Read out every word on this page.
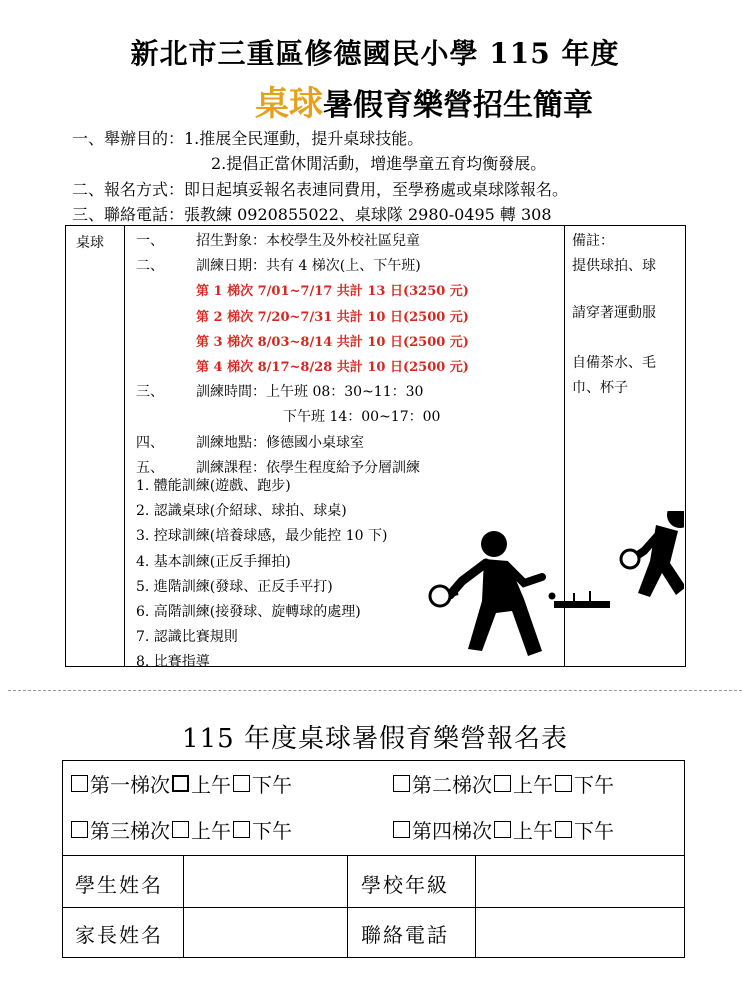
新北市三重區修德國民小學 115 年度
桌球暑假育樂營招生簡章
一、舉辦目的：1.推展全民運動，提升桌球技能。
2.提倡正當休閒活動，增進學童五育均衡發展。
二、報名方式：即日起填妥報名表連同費用，至學務處或桌球隊報名。
三、聯絡電話：張教練 0920855022、桌球隊 2980-0495 轉 308
桌球 一、 招生對象：本校學生及外校社區兒童
二、 訓練日期：共有 4 梯次(上、下午班)
第 1 梯次 7/01~7/17 共計 13 日(3250 元)
第 2 梯次 7/20~7/31 共計 10 日(2500 元)
第 3 梯次 8/03~8/14 共計 10 日(2500 元)
第 4 梯次 8/17~8/28 共計 10 日(2500 元)
三、 訓練時間：上午班 08：30~11：30
下午班 14：00~17：00
四、 訓練地點：修德國小桌球室
五、 訓練課程：依學生程度給予分層訓練
1. 體能訓練(遊戲、跑步)
2. 認識桌球(介紹球、球拍、球桌)
3. 控球訓練(培養球感，最少能控 10 下)
4. 基本訓練(正反手揮拍)
5. 進階訓練(發球、正反手平打)
6. 高階訓練(接發球、旋轉球的處理)
7. 認識比賽規則
8. 比賽指導
備註：
提供球拍、球
請穿著運動服
自備茶水、毛
巾、杯子
115 年度桌球暑假育樂營報名表
第一梯次 上午 下午	第二梯次 上午 下午
第三梯次 上午 下午	第四梯次 上午 下午
學生姓名	學校年級
家長姓名	聯絡電話
